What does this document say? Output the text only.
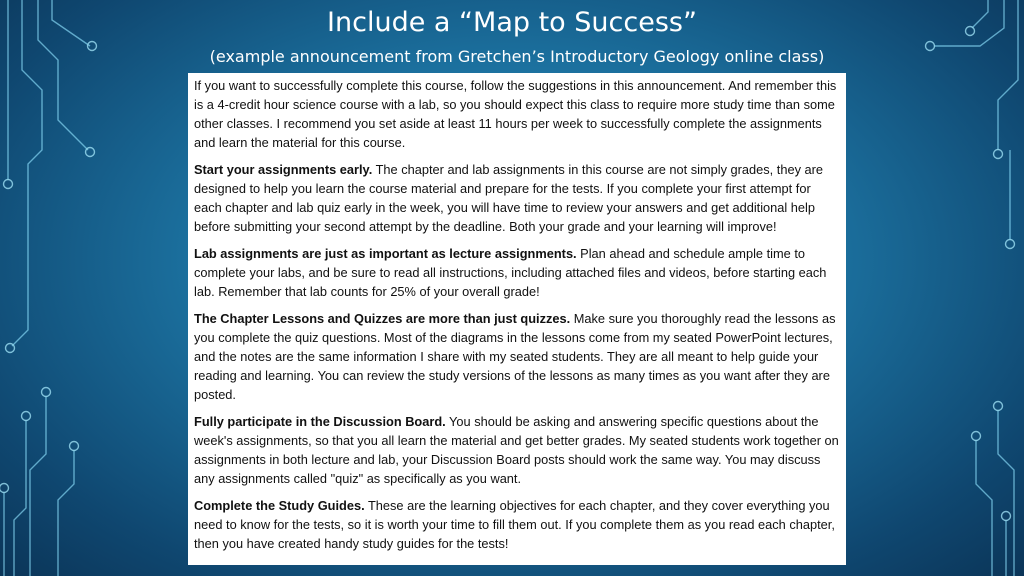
Include a “Map to Success”
(example announcement from Gretchen’s Introductory Geology online class)

If you want to successfully complete this course, follow the suggestions in this announcement. And remember this is a 4-credit hour science course with a lab, so you should expect this class to require more study time than some other classes. I recommend you set aside at least 11 hours per week to successfully complete the assignments and learn the material for this course.

Start your assignments early. The chapter and lab assignments in this course are not simply grades, they are designed to help you learn the course material and prepare for the tests. If you complete your first attempt for each chapter and lab quiz early in the week, you will have time to review your answers and get additional help before submitting your second attempt by the deadline. Both your grade and your learning will improve!

Lab assignments are just as important as lecture assignments. Plan ahead and schedule ample time to complete your labs, and be sure to read all instructions, including attached files and videos, before starting each lab. Remember that lab counts for 25% of your overall grade!

The Chapter Lessons and Quizzes are more than just quizzes. Make sure you thoroughly read the lessons as you complete the quiz questions. Most of the diagrams in the lessons come from my seated PowerPoint lectures, and the notes are the same information I share with my seated students. They are all meant to help guide your reading and learning. You can review the study versions of the lessons as many times as you want after they are posted.

Fully participate in the Discussion Board. You should be asking and answering specific questions about the week's assignments, so that you all learn the material and get better grades. My seated students work together on assignments in both lecture and lab, your Discussion Board posts should work the same way. You may discuss any assignments called "quiz" as specifically as you want.

Complete the Study Guides. These are the learning objectives for each chapter, and they cover everything you need to know for the tests, so it is worth your time to fill them out. If you complete them as you read each chapter, then you have created handy study guides for the tests!
